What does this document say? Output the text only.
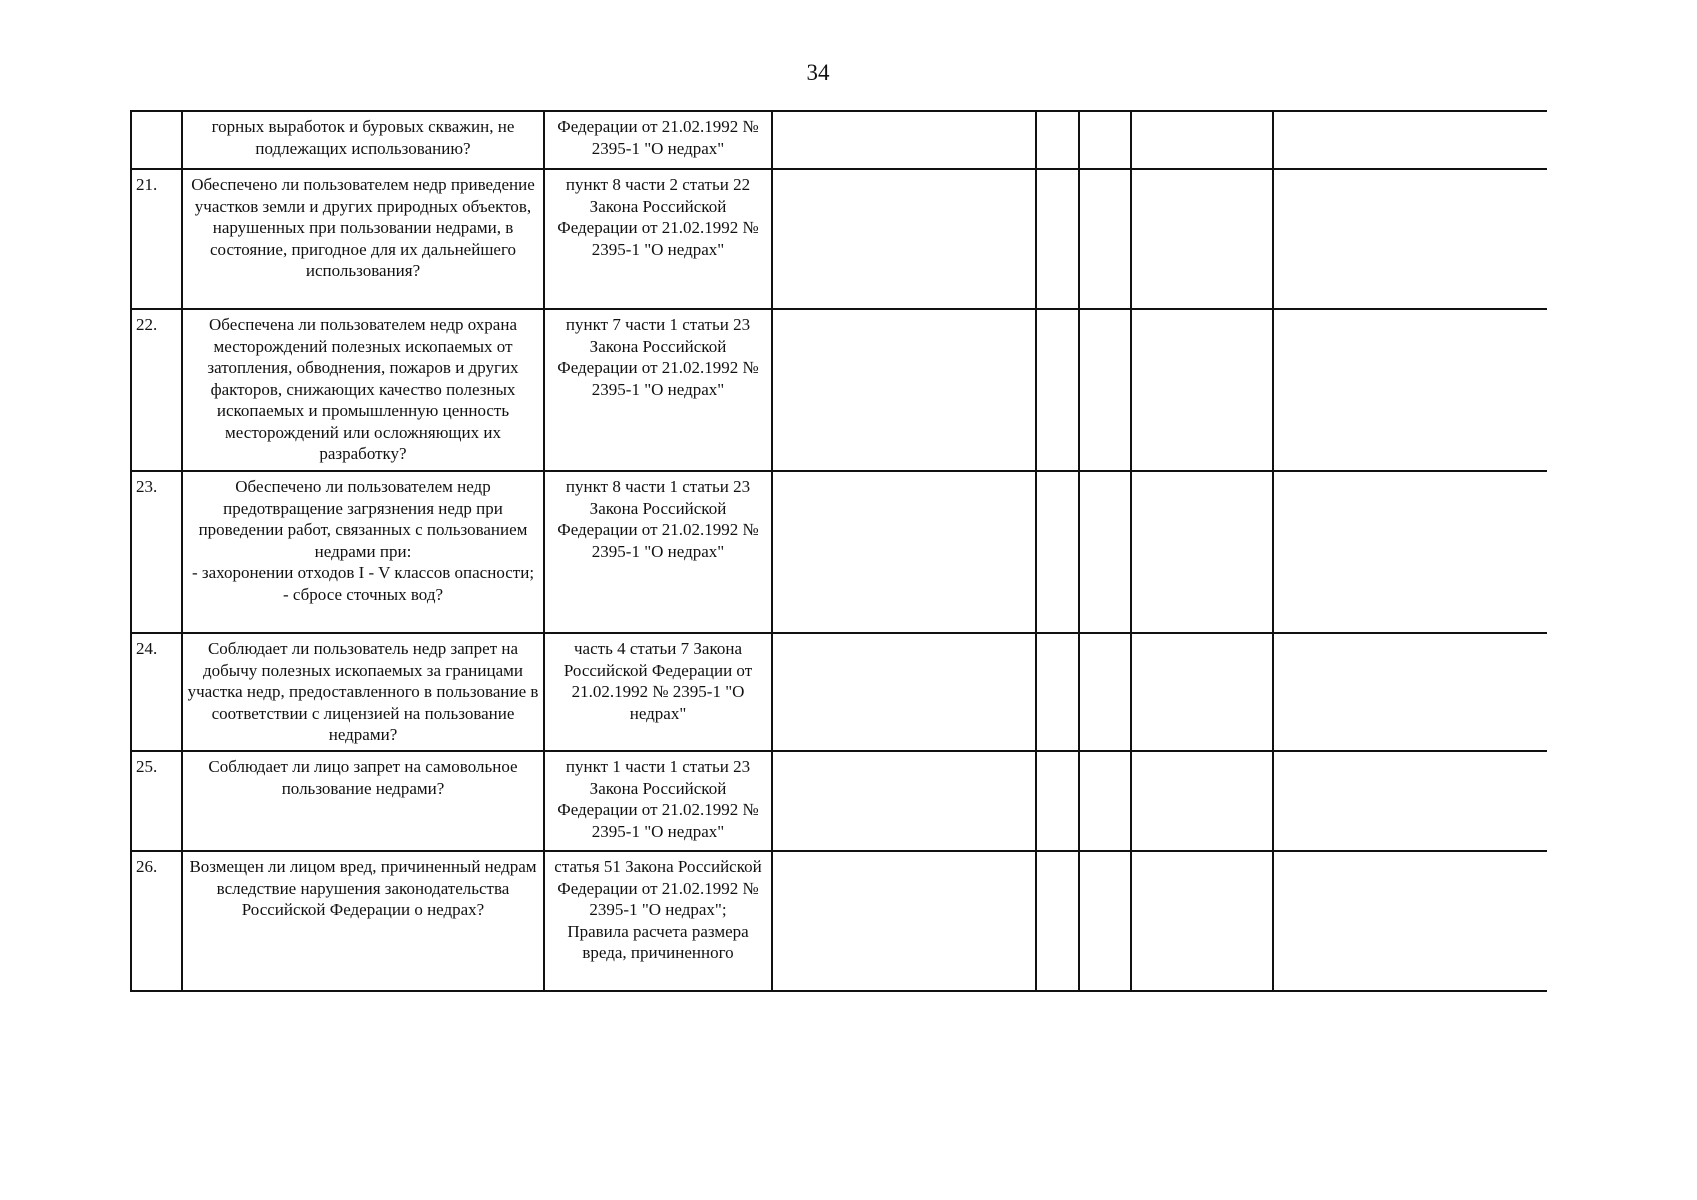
34
	горных выработок и буровых скважин, не подлежащих использованию?	Федерации от 21.02.1992 № 2395-1 "О недрах"					
21.	Обеспечено ли пользователем недр приведение участков земли и других природных объектов, нарушенных при пользовании недрами, в состояние, пригодное для их дальнейшего использования?	пункт 8 части 2 статьи 22 Закона Российской Федерации от 21.02.1992 № 2395-1 "О недрах"					
22.	Обеспечена ли пользователем недр охрана месторождений полезных ископаемых от затопления, обводнения, пожаров и других факторов, снижающих качество полезных ископаемых и промышленную ценность месторождений или осложняющих их разработку?	пункт 7 части 1 статьи 23 Закона Российской Федерации от 21.02.1992 № 2395-1 "О недрах"					
23.	Обеспечено ли пользователем недр предотвращение загрязнения недр при проведении работ, связанных с пользованием недрами при:
- захоронении отходов I - V классов опасности;
- сбросе сточных вод?	пункт 8 части 1 статьи 23 Закона Российской Федерации от 21.02.1992 № 2395-1 "О недрах"					
24.	Соблюдает ли пользователь недр запрет на добычу полезных ископаемых за границами участка недр, предоставленного в пользование в соответствии с лицензией на пользование недрами?	часть 4 статьи 7 Закона Российской Федерации от 21.02.1992 № 2395-1 "О недрах"					
25.	Соблюдает ли лицо запрет на самовольное пользование недрами?	пункт 1 части 1 статьи 23 Закона Российской Федерации от 21.02.1992 № 2395-1 "О недрах"					
26.	Возмещен ли лицом вред, причиненный недрам вследствие нарушения законодательства Российской Федерации о недрах?	статья 51 Закона Российской Федерации от 21.02.1992 № 2395-1 "О недрах";
Правила расчета размера вреда, причиненного					
